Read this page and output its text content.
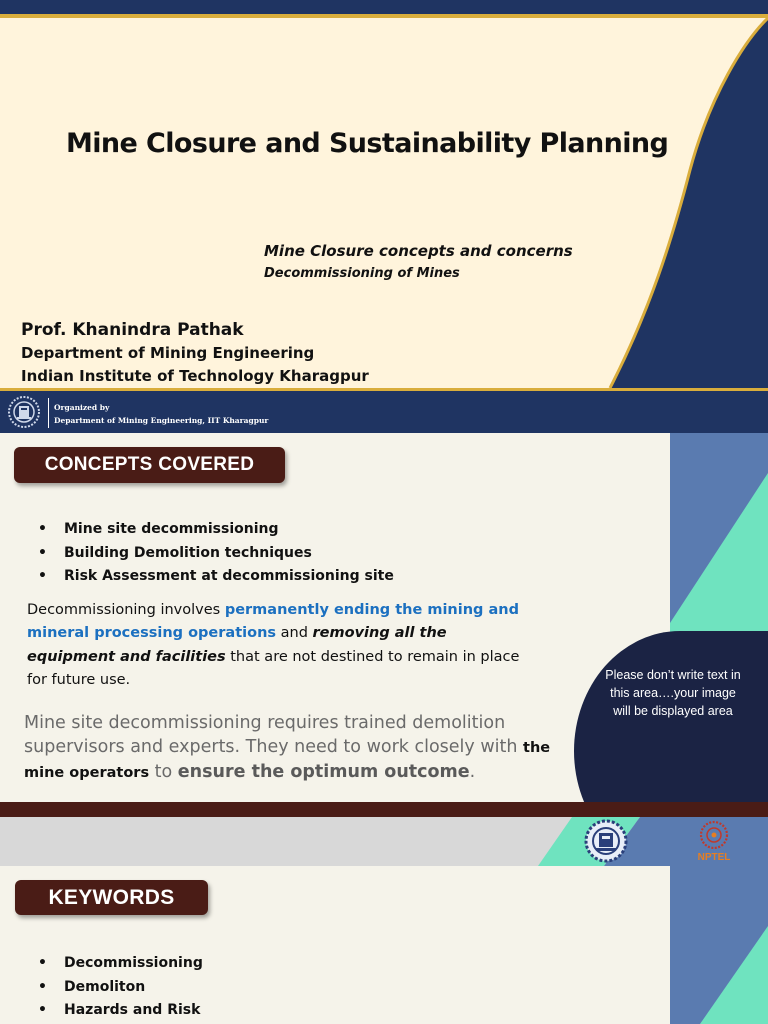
Mine Closure and Sustainability Planning
Mine Closure concepts and concerns
Decommissioning of Mines
Prof. Khanindra Pathak
Department of Mining Engineering
Indian Institute of Technology Kharagpur
Organized by
Department of Mining Engineering, IIT Kharagpur
CONCEPTS COVERED
• Mine site decommissioning
• Building Demolition techniques
• Risk Assessment at decommissioning site
Decommissioning involves permanently ending the mining and mineral processing operations and removing all the equipment and facilities that are not destined to remain in place for future use.
Mine site decommissioning requires trained demolition supervisors and experts. They need to work closely with the mine operators to ensure the optimum outcome.
Please don’t write text in this area….your image will be displayed area
NPTEL
KEYWORDS
• Decommissioning
• Demoliton
• Hazards and Risk
